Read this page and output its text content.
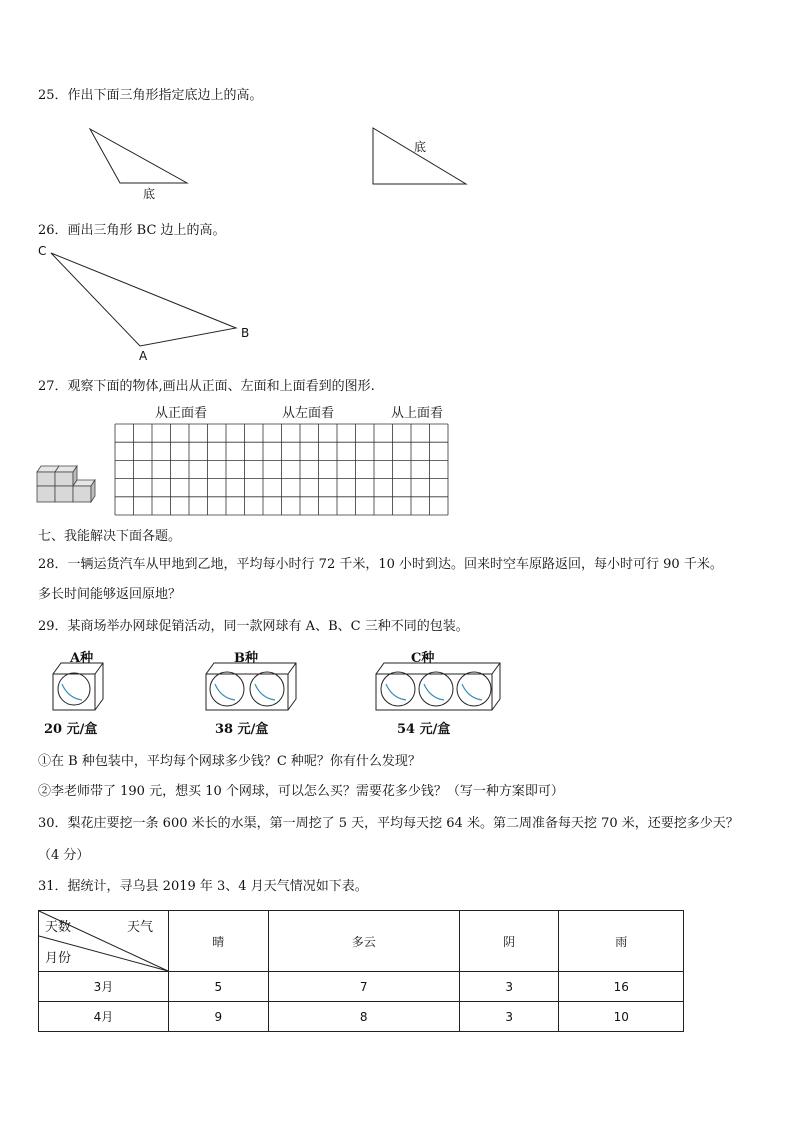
25．作出下面三角形指定底边上的高。
底
底
26．画出三角形 BC 边上的高。
C
B
A
27．观察下面的物体,画出从正面、左面和上面看到的图形.
从正面看	从左面看	从上面看
七、我能解决下面各题。
28．一辆运货汽车从甲地到乙地，平均每小时行 72 千米，10 小时到达。回来时空车原路返回，每小时可行 90 千米。
多长时间能够返回原地？
29．某商场举办网球促销活动，同一款网球有 A、B、C 三种不同的包装。
A种	B种	C种
20 元/盒	38 元/盒	54 元/盒
①在 B 种包装中，平均每个网球多少钱？C 种呢？你有什么发现？
②李老师带了 190 元，想买 10 个网球，可以怎么买？需要花多少钱？（写一种方案即可）
30．梨花庄要挖一条 600 米长的水渠，第一周挖了 5 天，平均每天挖 64 米。第二周准备每天挖 70 米，还要挖多少天？
（4 分）
31．据统计，寻乌县 2019 年 3、4 月天气情况如下表。
天数 天气
月份	晴	多云	阴	雨
3月	5	7	3	16
4月	9	8	3	10
